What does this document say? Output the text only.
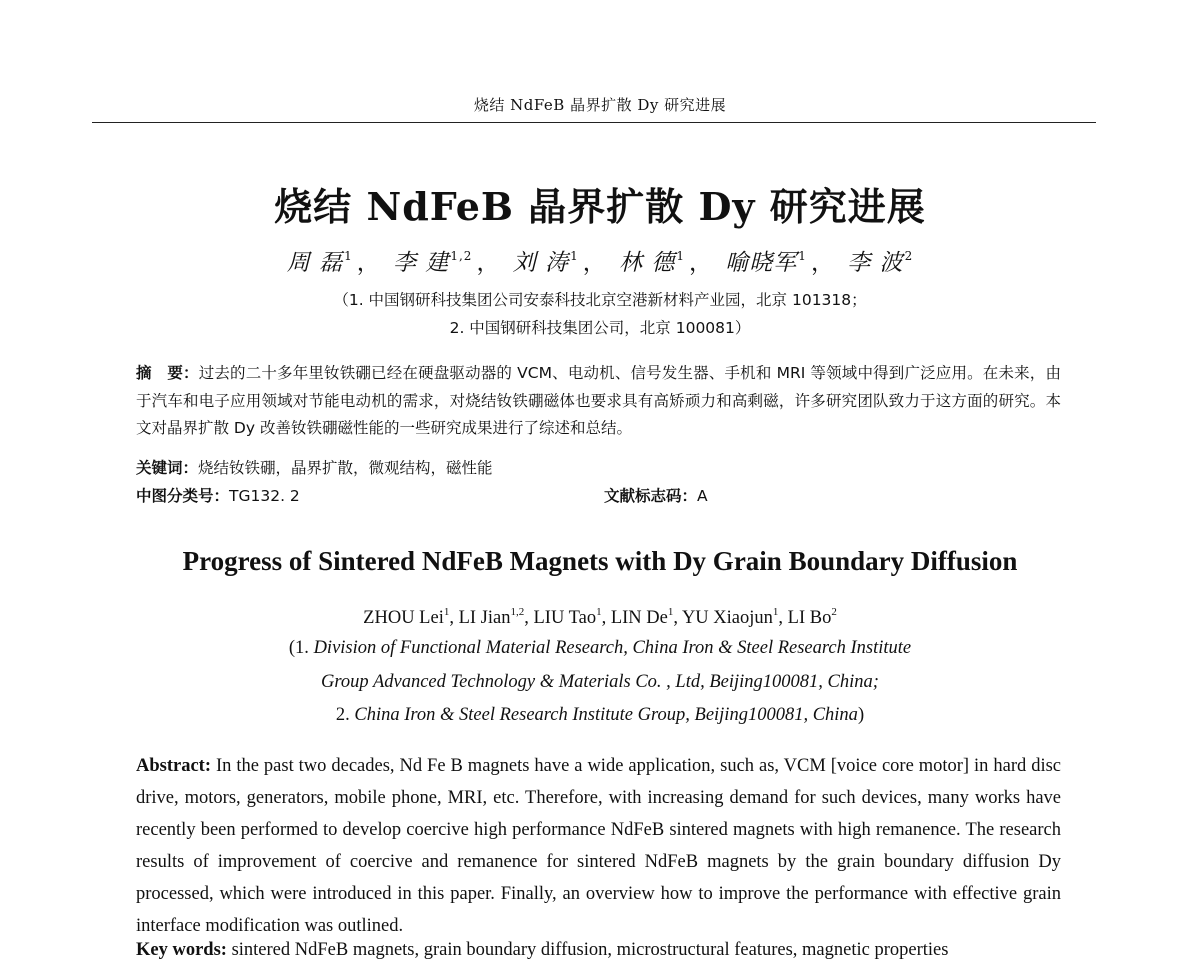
烧结 NdFeB 晶界扩散 Dy 研究进展
烧结 NdFeB 晶界扩散 Dy 研究进展
周 磊$^1$ ， 李 建$^{1,2}$ ， 刘 涛$^1$ ， 林 德$^1$ ， 喻晓军$^1$ ， 李 波$^2$
（1. 中国钢研科技集团公司安泰科技北京空港新材料产业园，北京 101318；
2. 中国钢研科技集团公司，北京 100081）
摘　要：过去的二十多年里钕铁硼已经在硬盘驱动器的 VCM、电动机、信号发生器、手机和 MRI 等领域中得到广泛应用。在未来，由于汽车和电子应用领域对节能电动机的需求，对烧结钕铁硼磁体也要求具有高矫顽力和高剩磁，许多研究团队致力于这方面的研究。本文对晶界扩散 Dy 改善钕铁硼磁性能的一些研究成果进行了综述和总结。
关键词：烧结钕铁硼，晶界扩散，微观结构，磁性能
中图分类号：TG132. 2	文献标志码：A
Progress of Sintered NdFeB Magnets with Dy Grain Boundary Diffusion
ZHOU Lei$^1$, LI Jian$^{1,2}$, LIU Tao$^1$, LIN De$^1$, YU Xiaojun$^1$, LI Bo$^2$
(1. Division of Functional Material Research, China Iron & Steel Research Institute
Group Advanced Technology & Materials Co. , Ltd, Beijing100081, China;
2. China Iron & Steel Research Institute Group, Beijing100081, China)
Abstract: In the past two decades, Nd Fe B magnets have a wide application, such as, VCM [voice core motor] in hard disc drive, motors, generators, mobile phone, MRI, etc. Therefore, with increasing demand for such devices, many works have recently been performed to develop coercive high performance NdFeB sintered magnets with high remanence. The research results of improvement of coercive and remanence for sintered NdFeB magnets by the grain boundary diffusion Dy processed, which were introduced in this paper. Finally, an overview how to improve the performance with effective grain interface modification was outlined.
Key words: sintered NdFeB magnets, grain boundary diffusion, microstructural features, magnetic properties
